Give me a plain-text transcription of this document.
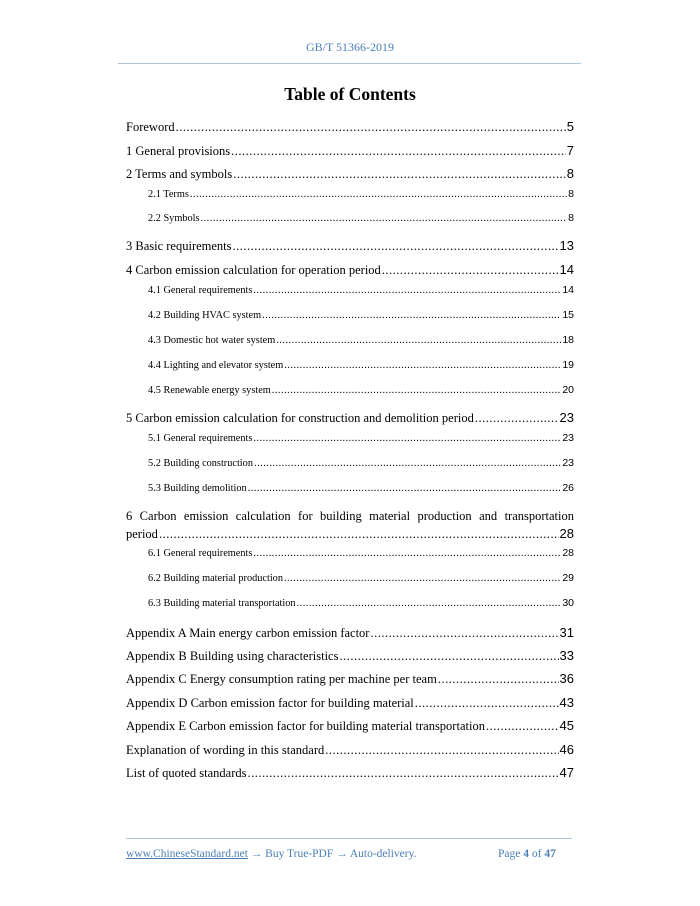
GB/T 51366-2019
Table of Contents
Foreword .....	5
1 General provisions .....	7
2 Terms and symbols .....	8
2.1 Terms .....	8
2.2 Symbols .....	8
3 Basic requirements .....	13
4 Carbon emission calculation for operation period .....	14
4.1 General requirements .....	14
4.2 Building HVAC system .....	15
4.3 Domestic hot water system .....	18
4.4 Lighting and elevator system .....	19
4.5 Renewable energy system .....	20
5 Carbon emission calculation for construction and demolition period .....	23
5.1 General requirements .....	23
5.2 Building construction .....	23
5.3 Building demolition .....	26
6 Carbon emission calculation for building material production and transportation
period .....	28
6.1 General requirements .....	28
6.2 Building material production .....	29
6.3 Building material transportation .....	30
Appendix A Main energy carbon emission factor .....	31
Appendix B Building using characteristics .....	33
Appendix C Energy consumption rating per machine per team .....	36
Appendix D Carbon emission factor for building material .....	43
Appendix E Carbon emission factor for building material transportation .....	45
Explanation of wording in this standard .....	46
List of quoted standards .....	47
www.ChineseStandard.net → Buy True-PDF → Auto-delivery.	Page 4 of 47
